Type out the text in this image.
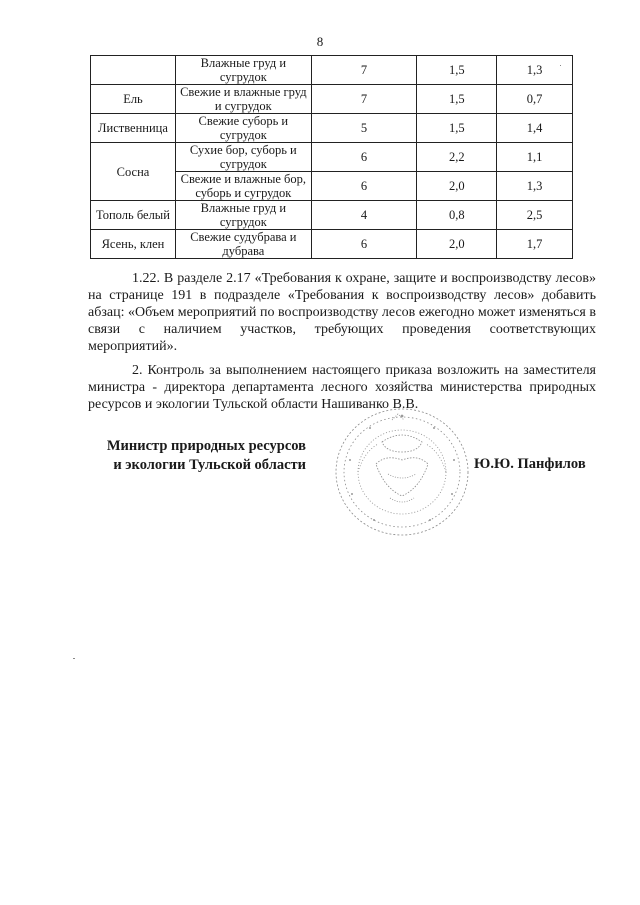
8
	Влажные груд и сугрудок	7	1,5	1,3
Ель	Свежие и влажные груд и сугрудок	7	1,5	0,7
Лиственница	Свежие суборь и сугрудок	5	1,5	1,4
Сосна	Сухие бор, суборь и сугрудок	6	2,2	1,1
	Свежие и влажные бор, суборь и сугрудок	6	2,0	1,3
Тополь белый	Влажные груд и сугрудок	4	0,8	2,5
Ясень, клен	Свежие судубрава и дубрава	6	2,0	1,7
1.22. В разделе 2.17 «Требования к охране, защите и воспроизводству лесов» на странице 191 в подразделе «Требования к воспроизводству лесов» добавить абзац: «Объем мероприятий по воспроизводству лесов ежегодно может изменяться в связи с наличием участков, требующих проведения соответствующих мероприятий».
2. Контроль за выполнением настоящего приказа возложить на заместителя министра - директора департамента лесного хозяйства министерства природных ресурсов и экологии Тульской области Нашиванко В.В.
Министр природных ресурсов
и экологии Тульской области	Ю.Ю. Панфилов
